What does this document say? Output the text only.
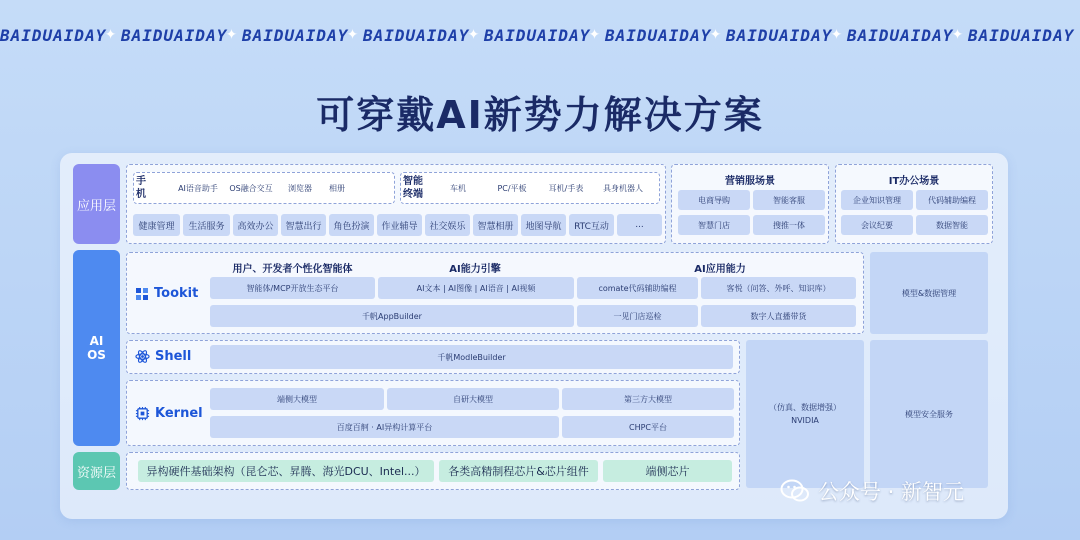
BAIDUAIDAY
✦ BAIDUAIDAY
✦ BAIDUAIDAY
✦ BAIDUAIDAY
✦ BAIDUAIDAY
✦ BAIDUAIDAY
✦ BAIDUAIDAY
✦ BAIDUAIDAY
✦ BAIDUAIDAY
可穿戴AI新势力解决方案
应用层
AI
OS
资源层
手机
AI语音助手	OS融合交互	浏览器	相册
智能终端
车机	PC/平板	耳机/手表	具身机器人
健康管理	生活服务	高效办公	智慧出行	角色扮演	作业辅导	社交娱乐	智慧相册	地图导航	RTC互动	...
营销服场景
电商导购	智能客服
智慧门店	搜推一体
IT办公场景
企业知识管理	代码辅助编程
会议纪要	数据智能
Tookit
用户、开发者个性化智能体	AI能力引擎	AI应用能力
智能体/MCP开放生态平台	AI文本 | AI图像 | AI语音 | AI视频	comate代码辅助编程	客悦（问答、外呼、知识库）
千帆AppBuilder	一见门店巡检	数字人直播带货
模型&数据管理
Shell	千帆ModleBuilder
Kernel
端侧大模型	自研大模型	第三方大模型
百度百舸 · AI异构计算平台	CHPC平台
（仿真、数据增强）
NVIDIA
模型安全服务
异构硬件基础架构（昆仑芯、昇腾、海光DCU、Intel...）	各类高精制程芯片&芯片组件	端侧芯片
公众号 · 新智元
